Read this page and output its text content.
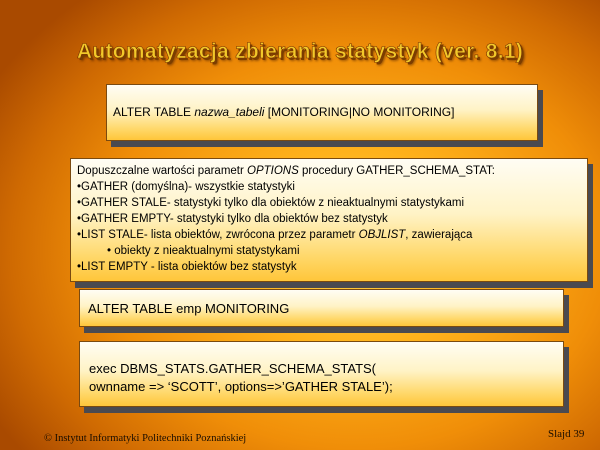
Automatyzacja zbierania statystyk (ver. 8.1)
ALTER TABLE nazwa_tabeli [MONITORING|NO MONITORING]
Dopuszczalne wartości parametr OPTIONS procedury GATHER_SCHEMA_STAT:
•GATHER (domyślna)- wszystkie statystyki
•GATHER STALE- statystyki tylko dla obiektów z nieaktualnymi statystykami
•GATHER EMPTY- statystyki tylko dla obiektów bez statystyk
•LIST STALE- lista obiektów, zwrócona przez parametr OBJLIST, zawierająca
• obiekty z nieaktualnymi statystykami
•LIST EMPTY - lista obiektów bez statystyk
ALTER TABLE emp MONITORING
exec DBMS_STATS.GATHER_SCHEMA_STATS(
ownname => ‘SCOTT’, options=>’GATHER STALE’);
© Instytut Informatyki Politechniki Poznańskiej	Slajd 39
